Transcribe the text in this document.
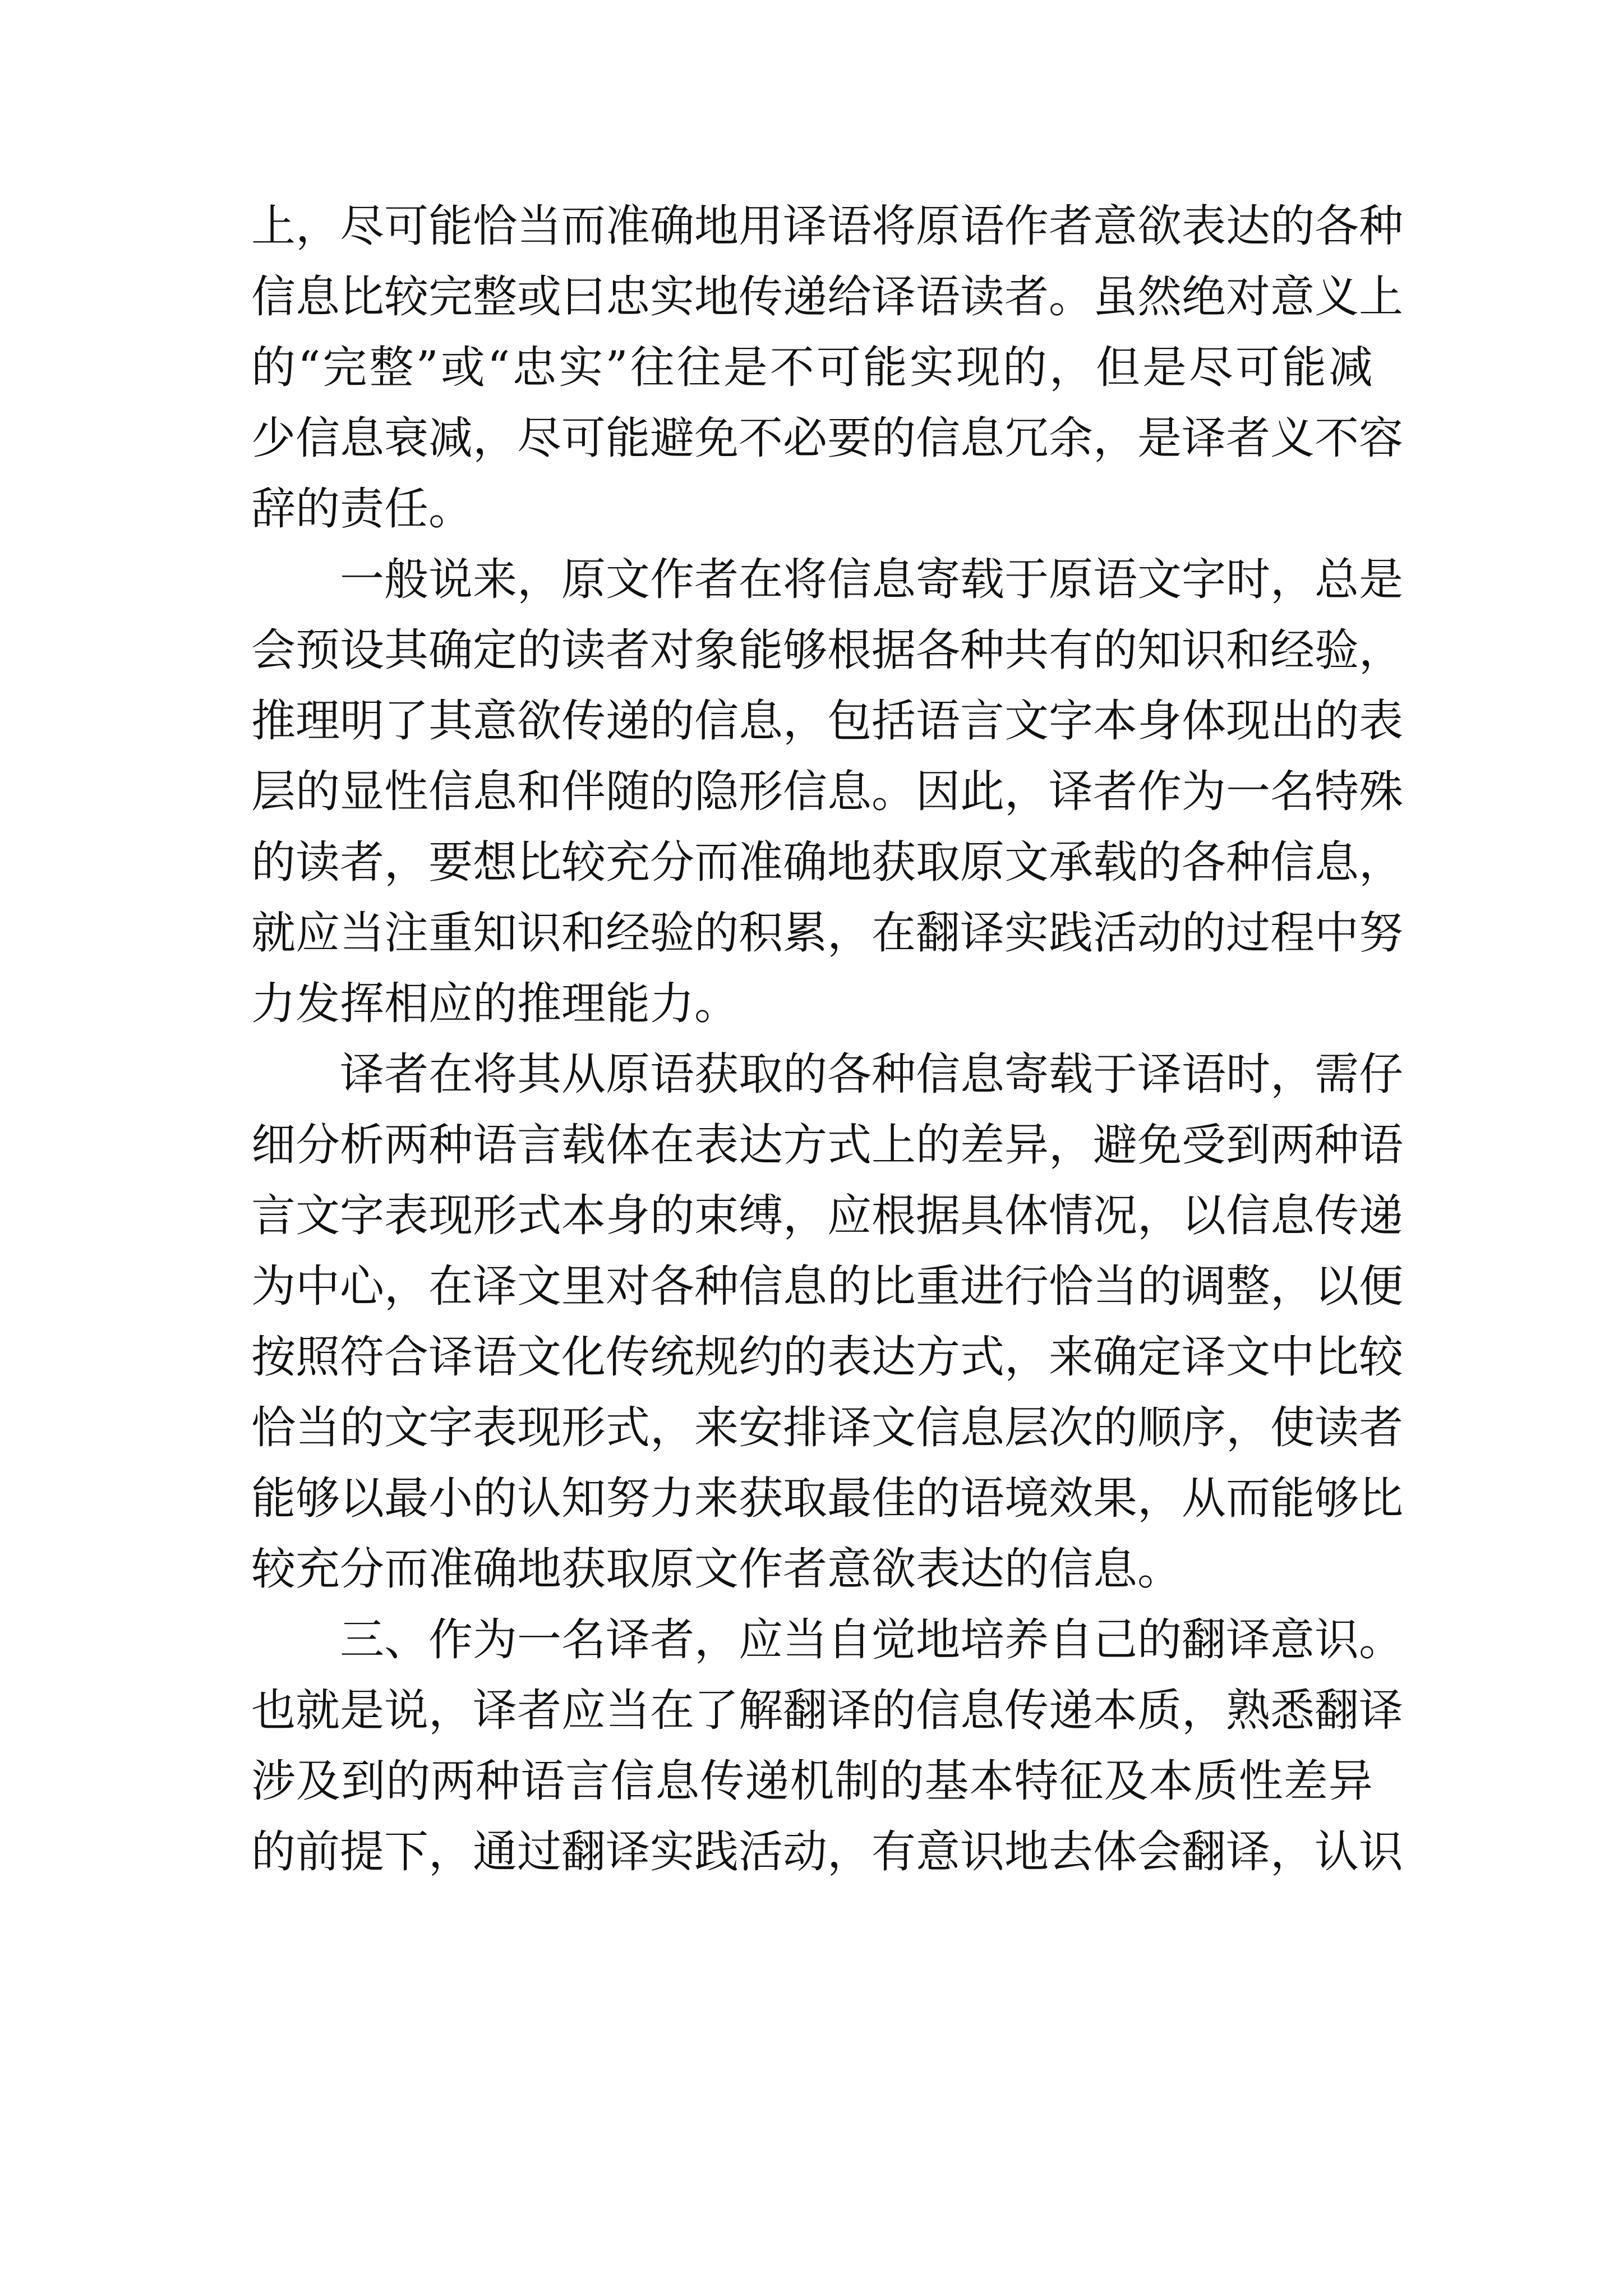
上 ， 尽 可 能 恰 当 而 准 确 地 用 译 语 将 原 语 作 者 意 欲 表 达 的 各 种
信 息 比 较 完 整 或 曰 忠 实 地 传 递 给 译 语 读 者 。 虽 然 绝 对 意 义 上
的 “ 完 整 ” 或 “ 忠 实 ” 往 往 是 不 可 能 实 现 的 ， 但 是 尽 可 能 减
少 信 息 衰 减 ， 尽 可 能 避 免 不 必 要 的 信 息 冗 余 ， 是 译 者 义 不 容
辞的责任。
一 般 说 来 ， 原 文 作 者 在 将 信 息 寄 载 于 原 语 文 字 时 ， 总 是
会 预 设 其 确 定 的 读 者 对 象 能 够 根 据 各 种 共 有 的 知 识 和 经 验 ，
推 理 明 了 其 意 欲 传 递 的 信 息 ， 包 括 语 言 文 字 本 身 体 现 出 的 表
层 的 显 性 信 息 和 伴 随 的 隐 形 信 息 。 因 此 ， 译 者 作 为 一 名 特 殊
的 读 者 ， 要 想 比 较 充 分 而 准 确 地 获 取 原 文 承 载 的 各 种 信 息 ，
就 应 当 注 重 知 识 和 经 验 的 积 累 ， 在 翻 译 实 践 活 动 的 过 程 中 努
力发挥相应的推理能力。
译 者 在 将 其 从 原 语 获 取 的 各 种 信 息 寄 载 于 译 语 时 ， 需 仔
细 分 析 两 种 语 言 载 体 在 表 达 方 式 上 的 差 异 ， 避 免 受 到 两 种 语
言 文 字 表 现 形 式 本 身 的 束 缚 ， 应 根 据 具 体 情 况 ， 以 信 息 传 递
为 中 心 ， 在 译 文 里 对 各 种 信 息 的 比 重 进 行 恰 当 的 调 整 ， 以 便
按 照 符 合 译 语 文 化 传 统 规 约 的 表 达 方 式 ， 来 确 定 译 文 中 比 较
恰 当 的 文 字 表 现 形 式 ， 来 安 排 译 文 信 息 层 次 的 顺 序 ， 使 读 者
能 够 以 最 小 的 认 知 努 力 来 获 取 最 佳 的 语 境 效 果 ， 从 而 能 够 比
较充分而准确地获取原文作者意欲表达的信息。
三 、 作 为 一 名 译 者 ， 应 当 自 觉 地 培 养 自 己 的 翻 译 意 识 。
也 就 是 说 ， 译 者 应 当 在 了 解 翻 译 的 信 息 传 递 本 质 ， 熟 悉 翻 译
涉 及 到 的 两 种 语 言 信 息 传 递 机 制 的 基 本 特 征 及 本 质 性 差 异
的 前 提 下 ， 通 过 翻 译 实 践 活 动 ， 有 意 识 地 去 体 会 翻 译 ， 认 识
